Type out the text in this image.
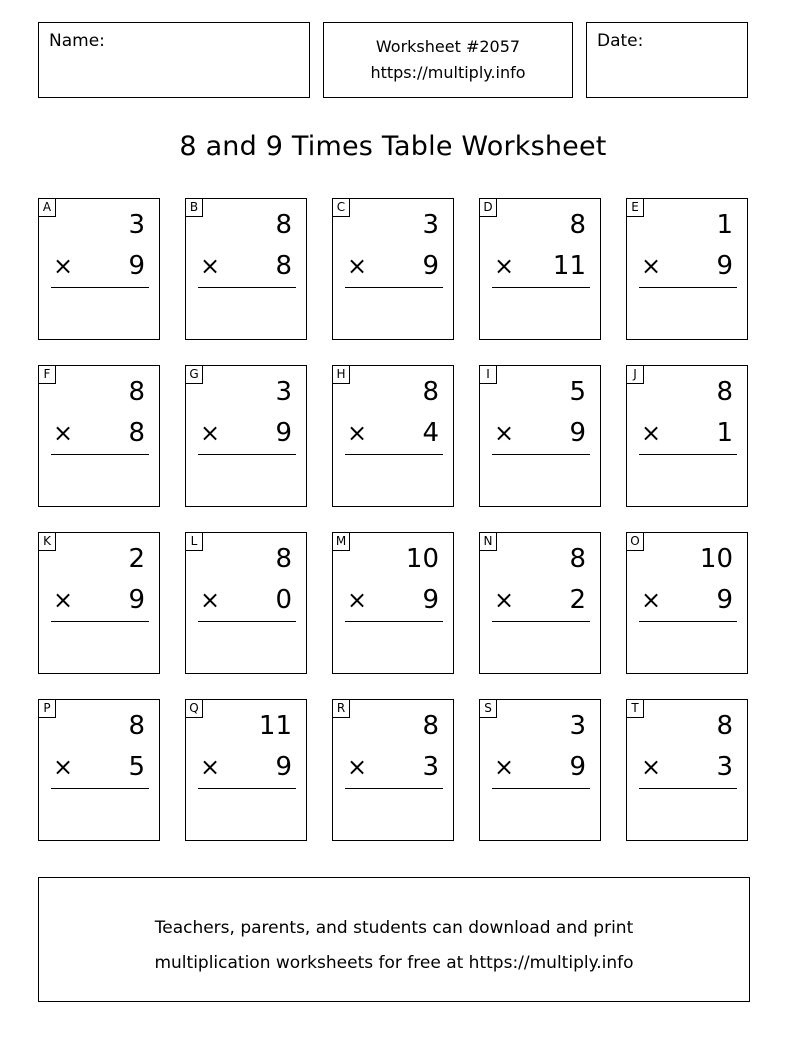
Name:	Worksheet #2057
https://multiply.info
Date:
8 and 9 Times Table Worksheet
A
3
× 9
B
8
× 8
C
3
× 9
D
8
× 11
E
1
× 9
F
8
× 8
G
3
× 9
H
8
× 4
I
5
× 9
J
8
× 1
K
2
× 9
L
8
× 0
M
10
× 9
N
8
× 2
O
10
× 9
P
8
× 5
Q
11
× 9
R
8
× 3
S
3
× 9
T
8
× 3
Teachers, parents, and students can download and print
multiplication worksheets for free at https://multiply.info
